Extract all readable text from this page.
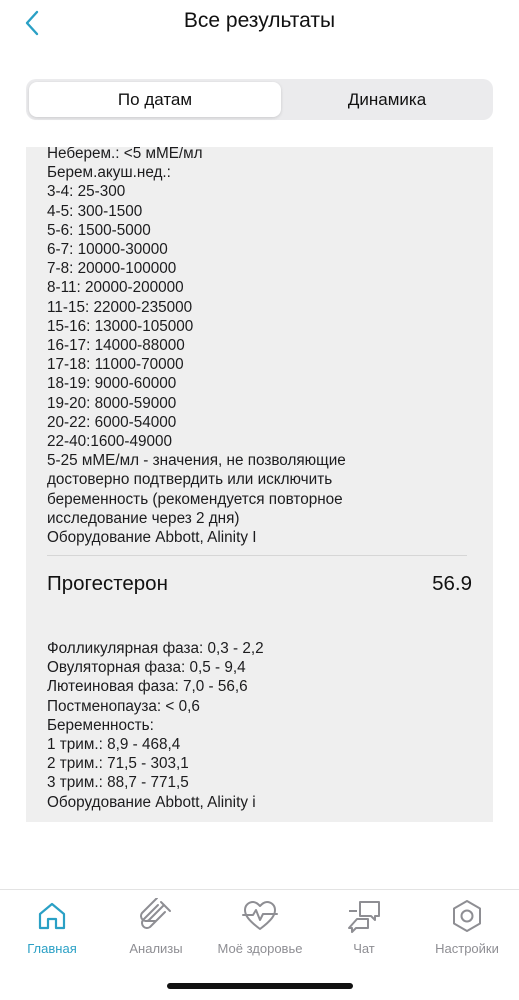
Все результаты
По датам	Динамика
Неберем.: <5 мМЕ/мл
Берем.акуш.нед.:
3-4: 25-300
4-5: 300-1500
5-6: 1500-5000
6-7: 10000-30000
7-8: 20000-100000
8-11: 20000-200000
11-15: 22000-235000
15-16: 13000-105000
16-17: 14000-88000
17-18: 11000-70000
18-19: 9000-60000
19-20: 8000-59000
20-22: 6000-54000
22-40:1600-49000
5-25 мМЕ/мл - значения, не позволяющие
достоверно подтвердить или исключить
беременность (рекомендуется повторное
исследование через 2 дня)
Оборудование Abbott, Alinity I
Прогестерон	56.9
Фолликулярная фаза: 0,3 - 2,2
Овуляторная фаза: 0,5 - 9,4
Лютеиновая фаза: 7,0 - 56,6
Постменопауза: < 0,6
Беременность:
1 трим.: 8,9 - 468,4
2 трим.: 71,5 - 303,1
3 трим.: 88,7 - 771,5
Оборудование Abbott, Alinity i
Главная	Анализы	Моё здоровье	Чат	Настройки
